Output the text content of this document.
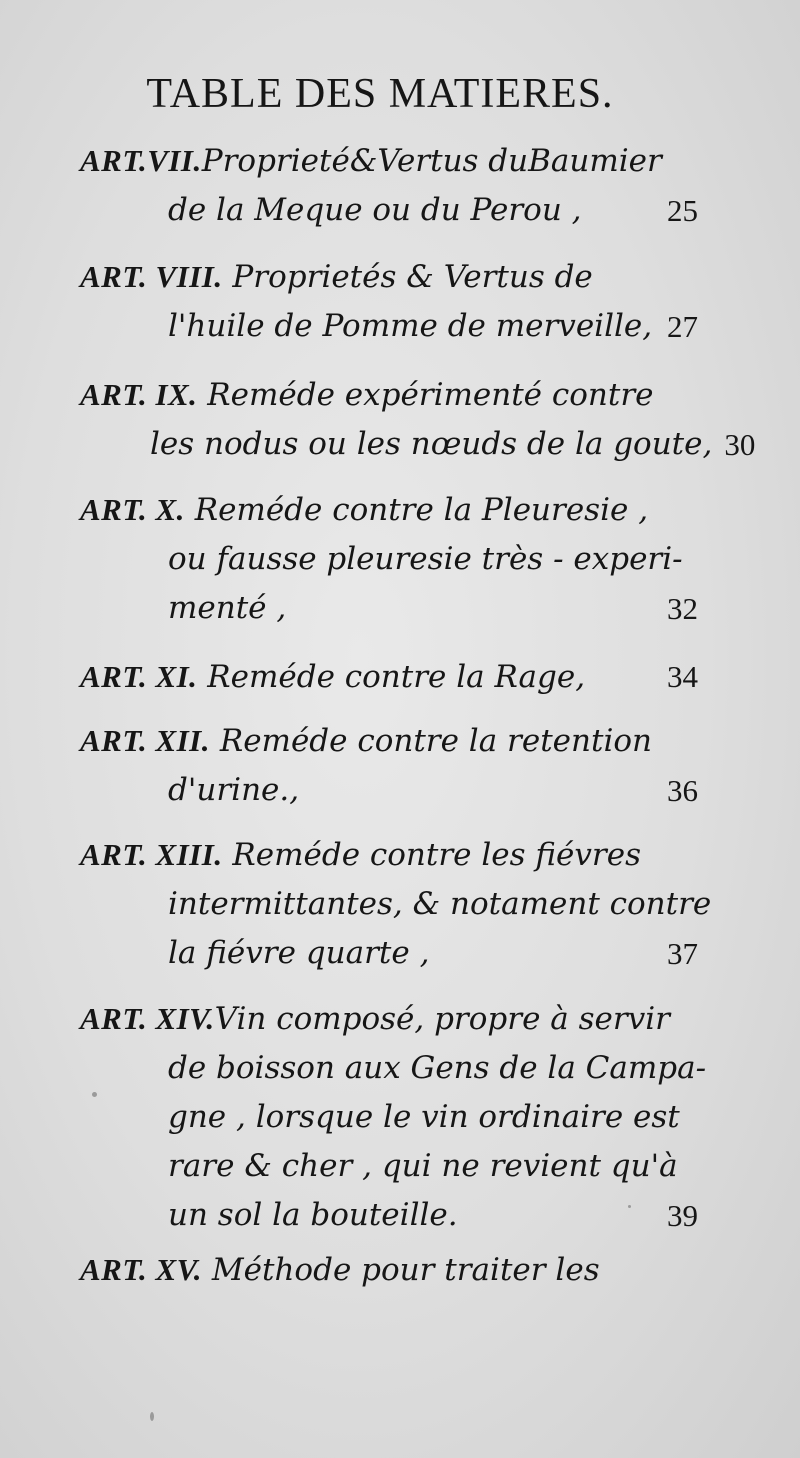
TABLE DES MATIERES.
ART.VII.Proprieté&Vertus duBaumier
de la Meque ou du Perou ,	25
ART. VIII. Proprietés & Vertus de
l'huile de Pomme de merveille, 27
ART. IX. Reméde expérimenté contre
les nodus ou les nœuds de la goute, 30
ART. X. Reméde contre la Pleuresie ,
ou fausse pleuresie très - experi-
menté ,	32
ART. XI. Reméde contre la Rage,	34
ART. XII. Reméde contre la retention
d'urine.,	36
ART. XIII. Reméde contre les fiévres
intermittantes, & notament contre
la fiévre quarte ,	37
ART. XIV.Vin composé, propre à servir
de boisson aux Gens de la Campa-
gne , lorsque le vin ordinaire est
rare & cher , qui ne revient qu'à
un sol la bouteille.	39
ART. XV. Méthode pour traiter les
